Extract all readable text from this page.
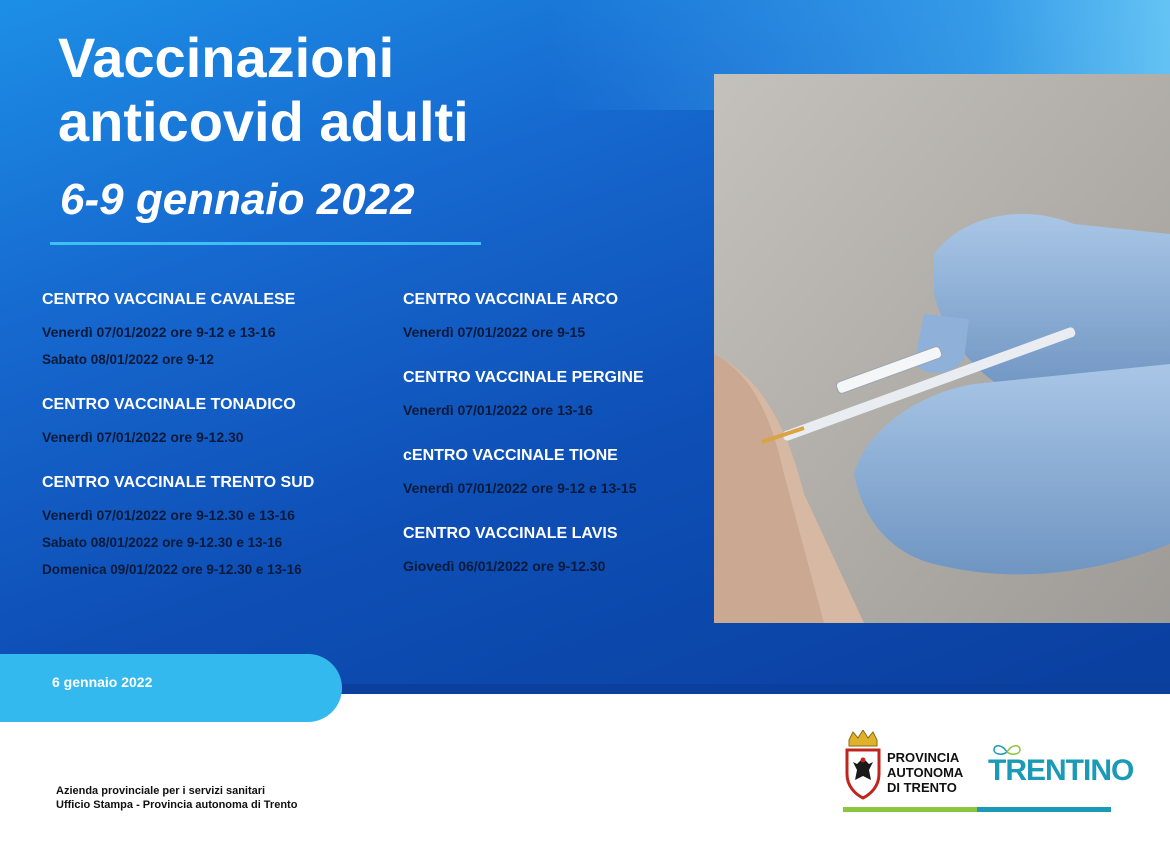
Vaccinazioni
anticovid adulti
6-9 gennaio 2022
CENTRO VACCINALE CAVALESE
Venerdì 07/01/2022 ore 9-12 e 13-16
Sabato 08/01/2022 ore 9-12
CENTRO VACCINALE TONADICO
Venerdì 07/01/2022 ore 9-12.30
CENTRO VACCINALE TRENTO SUD
Venerdì 07/01/2022 ore 9-12.30 e 13-16
Sabato 08/01/2022 ore 9-12.30 e 13-16
Domenica 09/01/2022 ore 9-12.30 e 13-16
CENTRO VACCINALE ARCO
Venerdì 07/01/2022 ore 9-15
CENTRO VACCINALE PERGINE
Venerdì 07/01/2022 ore 13-16
cENTRO VACCINALE TIONE
Venerdì 07/01/2022 ore 9-12 e 13-15
CENTRO VACCINALE LAVIS
Giovedì 06/01/2022 ore 9-12.30
6 gennaio 2022
Azienda provinciale per i servizi sanitari
Ufficio Stampa - Provincia autonoma di Trento
PROVINCIA
AUTONOMA
DI TRENTO
TRENTINO
